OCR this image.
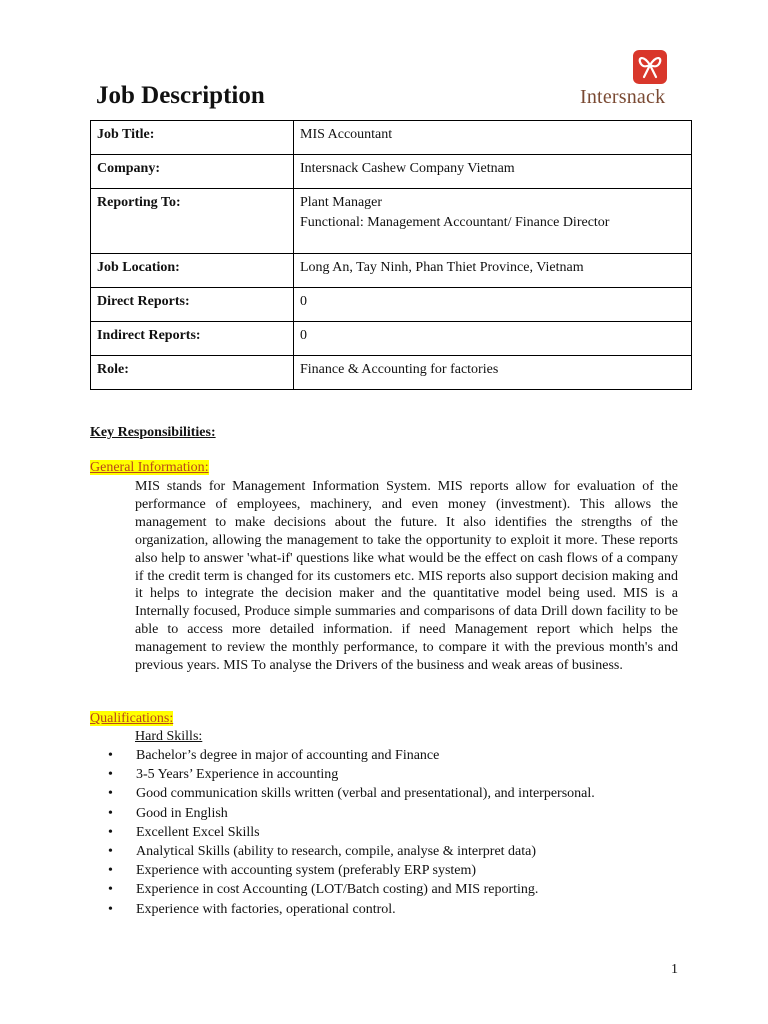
Job Description	Intersnack
Job Title:	MIS Accountant
Company:	Intersnack Cashew Company Vietnam
Reporting To:	Plant Manager
Functional: Management Accountant/ Finance Director

Job Location:	Long An, Tay Ninh, Phan Thiet Province, Vietnam
Direct Reports:	0
Indirect Reports:	0
Role:	Finance & Accounting for factories
Key Responsibilities:
General Information:

MIS stands for Management Information System. MIS reports allow for evaluation of the performance of employees, machinery, and even money (investment). This allows the management to make decisions about the future. It also identifies the strengths of the organization, allowing the management to take the opportunity to exploit it more. These reports also help to answer 'what-if' questions like what would be the effect on cash flows of a company if the credit term is changed for its customers etc. MIS reports also support decision making and it helps to integrate the decision maker and the quantitative model being used. MIS is a Internally focused, Produce simple summaries and comparisons of data Drill down facility to be able to access more detailed information. if need Management report which helps the management to review the monthly performance, to compare it with the previous month's and previous years. MIS To analyse the Drivers of the business and weak areas of business.

Qualifications:
Hard Skills:
• Bachelor’s degree in major of accounting and Finance
• 3-5 Years’ Experience in accounting
• Good communication skills written (verbal and presentational), and interpersonal.
• Good in English
• Excellent Excel Skills
• Analytical Skills (ability to research, compile, analyse & interpret data)
• Experience with accounting system (preferably ERP system)
• Experience in cost Accounting (LOT/Batch costing) and MIS reporting.
• Experience with factories, operational control.
1
